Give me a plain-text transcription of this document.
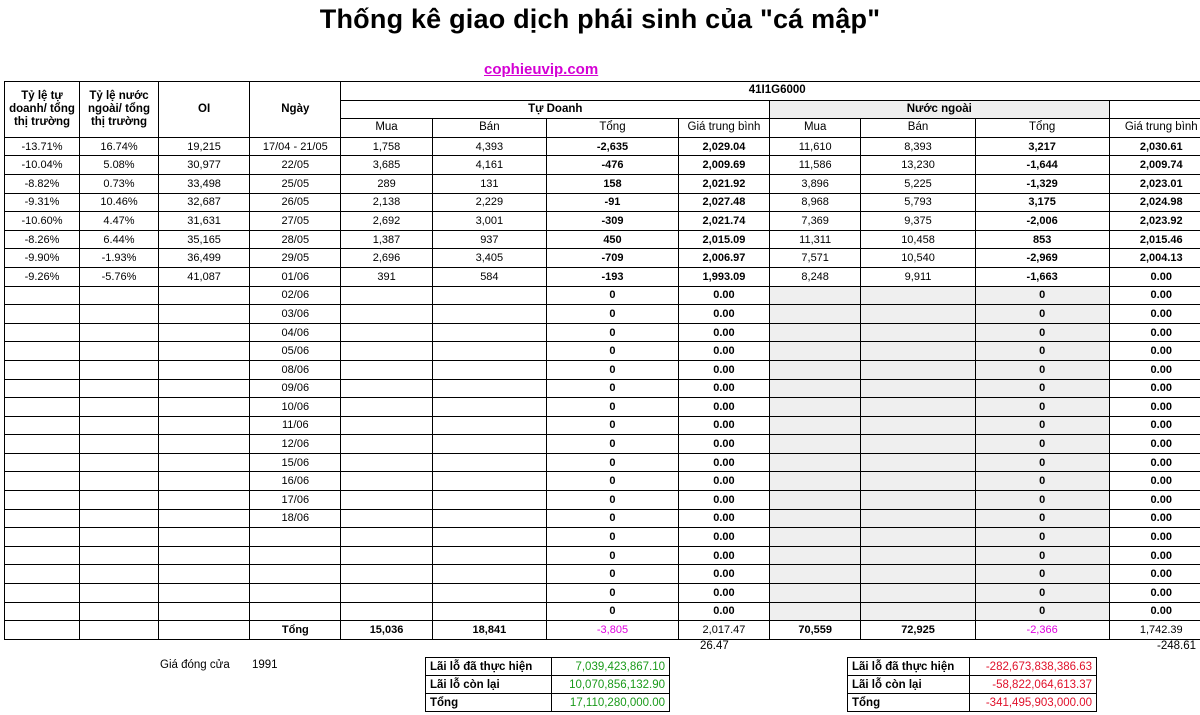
Thống kê giao dịch phái sinh của "cá mập"
cophieuvip.com
Tỷ lệ tự doanh/ tổng thị trường	Tỷ lệ nước ngoài/ tổng thị trường	OI	Ngày	41I1G6000							
				Tự Doanh				Nước ngoài			
				Mua	Bán	Tổng	Giá trung bình	Mua	Bán	Tổng	Giá trung bình
-13.71%	16.74%	19,215	17/04 - 21/05	1,758	4,393	-2,635	2,029.04	11,610	8,393	3,217	2,030.61
-10.04%	5.08%	30,977	22/05	3,685	4,161	-476	2,009.69	11,586	13,230	-1,644	2,009.74
-8.82%	0.73%	33,498	25/05	289	131	158	2,021.92	3,896	5,225	-1,329	2,023.01
-9.31%	10.46%	32,687	26/05	2,138	2,229	-91	2,027.48	8,968	5,793	3,175	2,024.98
-10.60%	4.47%	31,631	27/05	2,692	3,001	-309	2,021.74	7,369	9,375	-2,006	2,023.92
-8.26%	6.44%	35,165	28/05	1,387	937	450	2,015.09	11,311	10,458	853	2,015.46
-9.90%	-1.93%	36,499	29/05	2,696	3,405	-709	2,006.97	7,571	10,540	-2,969	2,004.13
-9.26%	-5.76%	41,087	01/06	391	584	-193	1,993.09	8,248	9,911	-1,663	0.00
			02/06			0	0.00			0	0.00
			03/06			0	0.00			0	0.00
			04/06			0	0.00			0	0.00
			05/06			0	0.00			0	0.00
			08/06			0	0.00			0	0.00
			09/06			0	0.00			0	0.00
			10/06			0	0.00			0	0.00
			11/06			0	0.00			0	0.00
			12/06			0	0.00			0	0.00
			15/06			0	0.00			0	0.00
			16/06			0	0.00			0	0.00
			17/06			0	0.00			0	0.00
			18/06			0	0.00			0	0.00
						0	0.00			0	0.00
						0	0.00			0	0.00
						0	0.00			0	0.00
						0	0.00			0	0.00
						0	0.00			0	0.00
			Tổng	15,036	18,841	-3,805	2,017.47	70,559	72,925	-2,366	1,742.39
26.47	-248.61
Giá đóng cửa 1991	Lãi lỗ đã thực hiện	7,039,423,867.10
Lãi lỗ còn lại	10,070,856,132.90
Tổng	17,110,280,000.00
Lãi lỗ đã thực hiện	-282,673,838,386.63
Lãi lỗ còn lại	-58,822,064,613.37
Tổng	-341,495,903,000.00
